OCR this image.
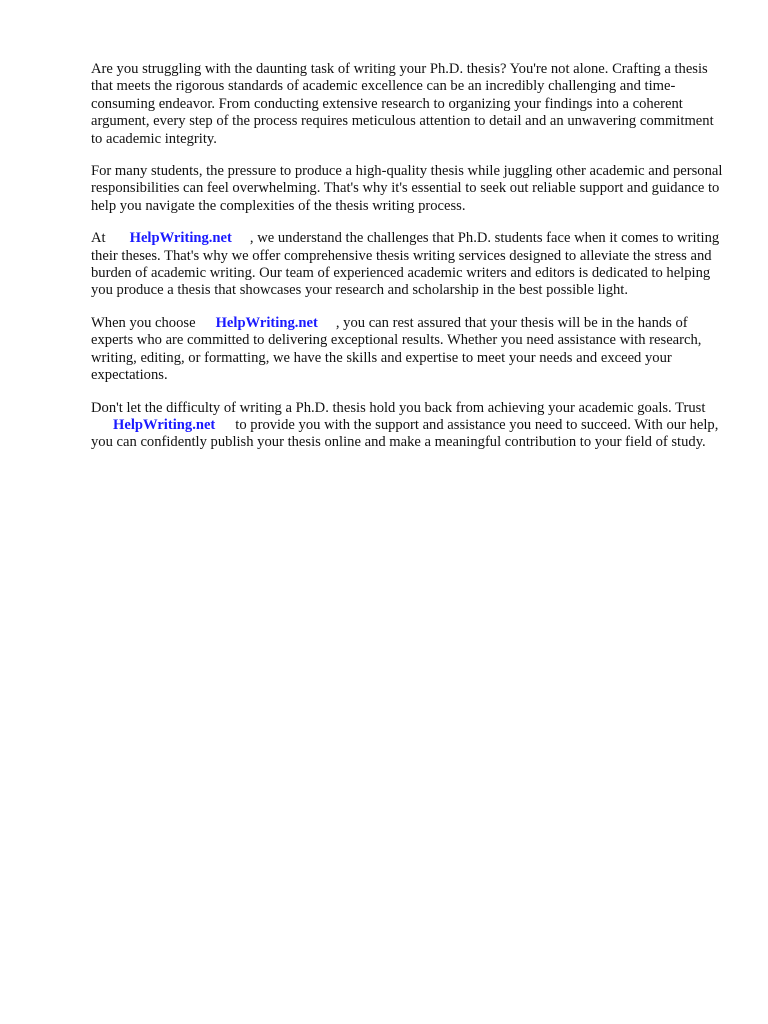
Are you struggling with the daunting task of writing your Ph.D. thesis? You're not alone. Crafting a thesis that meets the rigorous standards of academic excellence can be an incredibly challenging and time-consuming endeavor. From conducting extensive research to organizing your findings into a coherent argument, every step of the process requires meticulous attention to detail and an unwavering commitment to academic integrity.

For many students, the pressure to produce a high-quality thesis while juggling other academic and personal responsibilities can feel overwhelming. That's why it's essential to seek out reliable support and guidance to help you navigate the complexities of the thesis writing process.

At HelpWriting.net , we understand the challenges that Ph.D. students face when it comes to writing their theses. That's why we offer comprehensive thesis writing services designed to alleviate the stress and burden of academic writing. Our team of experienced academic writers and editors is dedicated to helping you produce a thesis that showcases your research and scholarship in the best possible light.

When you choose HelpWriting.net , you can rest assured that your thesis will be in the hands of experts who are committed to delivering exceptional results. Whether you need assistance with research, writing, editing, or formatting, we have the skills and expertise to meet your needs and exceed your expectations.

Don't let the difficulty of writing a Ph.D. thesis hold you back from achieving your academic goals. TrustHelpWriting.net to provide you with the support and assistance you need to succeed. With our help, you can confidently publish your thesis online and make a meaningful contribution to your field of study.
